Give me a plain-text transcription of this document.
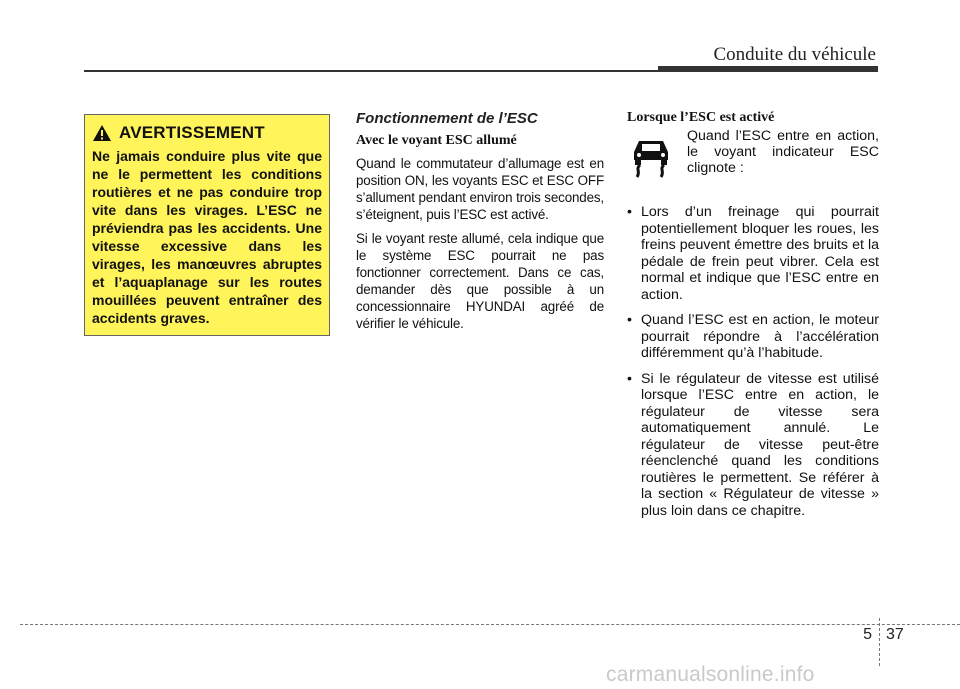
Conduite du véhicule
AVERTISSEMENT
Ne jamais conduire plus vite que ne le permettent les conditions routières et ne pas conduire trop vite dans les virages. L’ESC ne préviendra pas les accidents. Une vitesse excessive dans les virages, les manœuvres abruptes et l’aquaplanage sur les routes mouillées peuvent entraîner des accidents graves.
Fonctionnement de l’ESC
Avec le voyant ESC allumé

Quand le commutateur d’allumage est en position ON, les voyants ESC et ESC OFF s’allument pendant environ trois secondes, s’éteignent, puis l’ESC est activé.

Si le voyant reste allumé, cela indique que le système ESC pourrait ne pas fonctionner correctement. Dans ce cas, demander dès que possible à un concessionnaire HYUNDAI agréé de vérifier le véhicule.

Lorsque l’ESC est activé

Quand l’ESC entre en action, le voyant indicateur ESC clignote :

• Lors d’un freinage qui pourrait potentiellement bloquer les roues, les freins peuvent émettre des bruits et la pédale de frein peut vibrer. Cela est normal et indique que l’ESC entre en action.
• Quand l’ESC est en action, le moteur pourrait répondre à l’accélération différemment qu’à l’habitude.
• Si le régulateur de vitesse est utilisé lorsque l’ESC entre en action, le régulateur de vitesse sera automatiquement annulé. Le régulateur de vitesse peut-être réenclenché quand les conditions routières le permettent. Se référer à la section « Régulateur de vitesse » plus loin dans ce chapitre.
5 37
carmanualsonline.info
